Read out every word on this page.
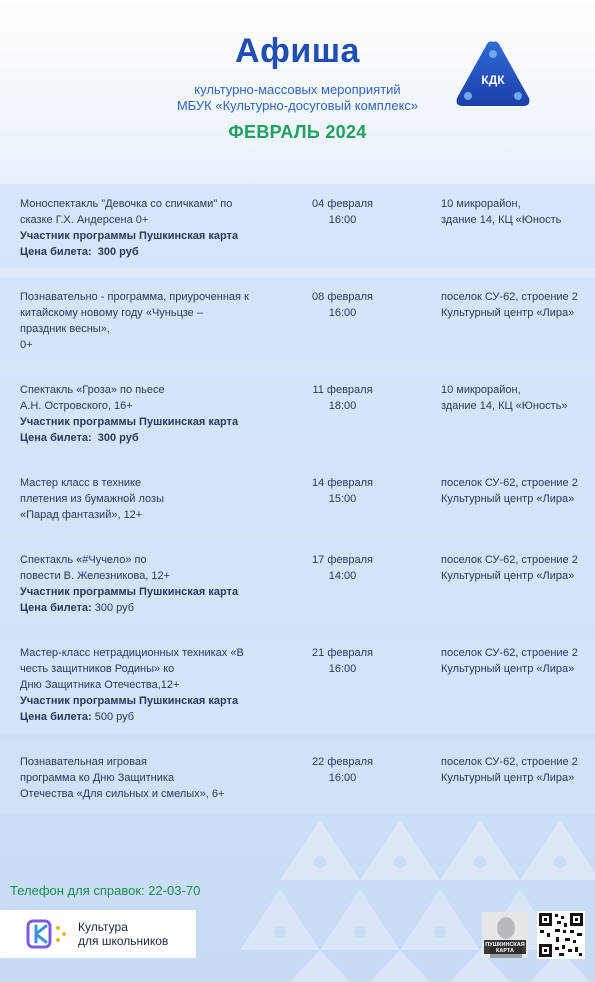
Афиша
культурно-массовых мероприятий
МБУК «Культурно-досуговый комплекс»
ФЕВРАЛЬ 2024
КДК
Моноспектакль "Девочка со спичками" по
сказке Г.Х. Андерсена 0+
Участник программы Пушкинская карта
Цена билета:  300 руб
04 февраля
16:00
10 микрорайон,
здание 14, КЦ «Юность
Познавательно - программа, приуроченная к
китайскому новому году «Чуньцзе –
праздник весны»,
0+
08 февраля
16:00
поселок СУ-62, строение 2
Культурный центр «Лира»
Спектакль «Гроза» по пьесе
А.Н. Островского, 16+
Участник программы Пушкинская карта
Цена билета:  300 руб
11 февраля
18:00
10 микрорайон,
здание 14, КЦ «Юность»
Мастер класс в технике
плетения из бумажной лозы
«Парад фантазий», 12+
14 февраля
15:00
поселок СУ-62, строение 2
Культурный центр «Лира»
Спектакль «#Чучело» по
повести В. Железникова, 12+
Участник программы Пушкинская карта
Цена билета: 300 руб
17 февраля
14:00
поселок СУ-62, строение 2
Культурный центр «Лира»
Мастер-класс нетрадиционных техниках «В
честь защитников Родины» ко
Дню Защитника Отечества,12+
Участник программы Пушкинская карта
Цена билета: 500 руб
21 февраля
16:00
поселок СУ-62, строение 2
Культурный центр «Лира»
Познавательная игровая
программа ко Дню Защитника
Отечества «Для сильных и смелых», 6+
22 февраля
16:00
поселок СУ-62, строение 2
Культурный центр «Лира»
Телефон для справок: 22-03-70
Культура
для школьников	ПУШКИНСКАЯ
КАРТА
